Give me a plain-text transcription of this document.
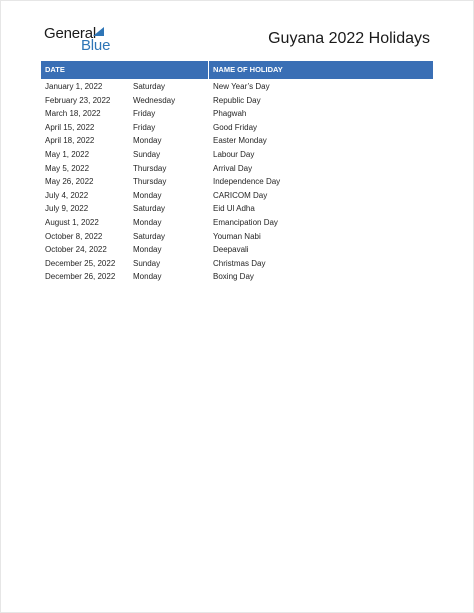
General
Blue	Guyana 2022 Holidays
DATE	NAME OF HOLIDAY
January 1, 2022	Saturday	New Year’s Day
February 23, 2022	Wednesday	Republic Day
March 18, 2022	Friday	Phagwah
April 15, 2022	Friday	Good Friday
April 18, 2022	Monday	Easter Monday
May 1, 2022	Sunday	Labour Day
May 5, 2022	Thursday	Arrival Day
May 26, 2022	Thursday	Independence Day
July 4, 2022	Monday	CARICOM Day
July 9, 2022	Saturday	Eid Ul Adha
August 1, 2022	Monday	Emancipation Day
October 8, 2022	Saturday	Youman Nabi
October 24, 2022	Monday	Deepavali
December 25, 2022 Sunday	Christmas Day
December 26, 2022 Monday	Boxing Day
